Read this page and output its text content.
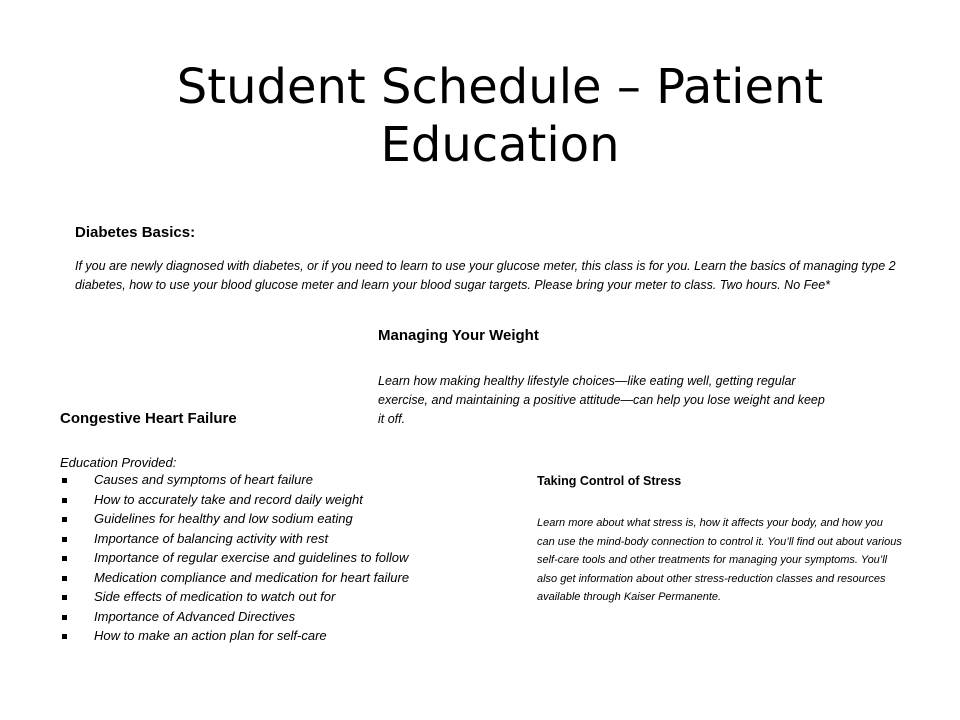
Student Schedule – Patient Education
Diabetes Basics:
If you are newly diagnosed with diabetes, or if you need to learn to use your glucose meter, this class is for you. Learn the basics of managing type 2 diabetes, how to use your blood glucose meter and learn your blood sugar targets. Please bring your meter to class. Two hours. No Fee*
Managing Your Weight
Learn how making healthy lifestyle choices—like eating well, getting regular exercise, and maintaining a positive attitude—can help you lose weight and keep it off.
Congestive Heart Failure
Education Provided:
Causes and symptoms of heart failure
How to accurately take and record daily weight
Guidelines for healthy and low sodium eating
Importance of balancing activity with rest
Importance of regular exercise and guidelines to follow
Medication compliance and medication for heart failure
Side effects of medication to watch out for
Importance of Advanced Directives
How to make an action plan for self-care
Taking Control of Stress
Learn more about what stress is, how it affects your body, and how you can use the mind-body connection to control it. You’ll find out about various self-care tools and other treatments for managing your symptoms. You’ll also get information about other stress-reduction classes and resources available through Kaiser Permanente.
